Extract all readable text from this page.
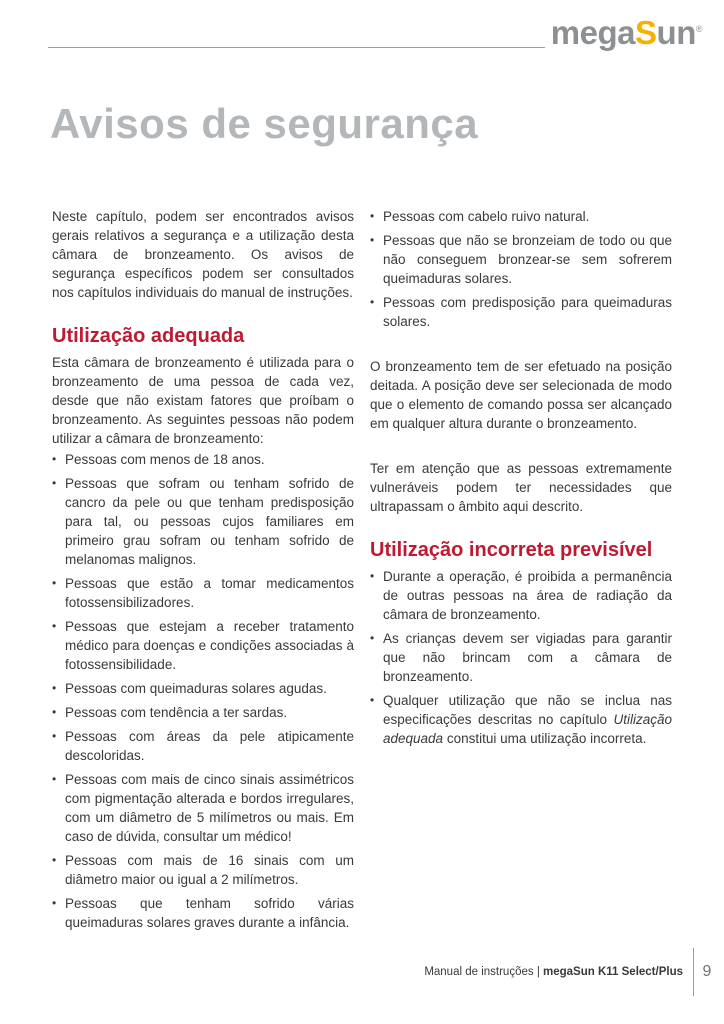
megaSun®
Avisos de segurança

Neste capítulo, podem ser encontrados avisos gerais relativos a segurança e a utilização desta câmara de bronzeamento. Os avisos de segurança específicos podem ser consultados nos capítulos individuais do manual de instruções.

Utilização adequada

Esta câmara de bronzeamento é utilizada para o bronzeamento de uma pessoa de cada vez, desde que não existam fatores que proíbam o bronzeamento. As seguintes pessoas não podem utilizar a câmara de bronzeamento:

• Pessoas com menos de 18 anos.
• Pessoas que sofram ou tenham sofrido de cancro da pele ou que tenham predisposição para tal, ou pessoas cujos familiares em primeiro grau sofram ou tenham sofrido de melanomas malignos.
• Pessoas que estão a tomar medicamentos fotossensibilizadores.
• Pessoas que estejam a receber tratamento médico para doenças e condições associadas à fotossensibilidade.
• Pessoas com queimaduras solares agudas.
• Pessoas com tendência a ter sardas.
• Pessoas com áreas da pele atipicamente descoloridas.
• Pessoas com mais de cinco sinais assimétricos com pigmentação alterada e bordos irregulares, com um diâmetro de 5 milímetros ou mais. Em caso de dúvida, consultar um médico!
• Pessoas com mais de 16 sinais com um diâmetro maior ou igual a 2 milímetros.
• Pessoas que tenham sofrido várias queimaduras solares graves durante a infância.
• Pessoas com cabelo ruivo natural.
• Pessoas que não se bronzeiam de todo ou que não conseguem bronzear-se sem sofrerem queimaduras solares.
• Pessoas com predisposição para queimaduras solares.

O bronzeamento tem de ser efetuado na posição deitada. A posição deve ser selecionada de modo que o elemento de comando possa ser alcançado em qualquer altura durante o bronzeamento.

Ter em atenção que as pessoas extremamente vulneráveis podem ter necessidades que ultrapassam o âmbito aqui descrito.

Utilização incorreta previsível
• Durante a operação, é proibida a permanência de outras pessoas na área de radiação da câmara de bronzeamento.
• As crianças devem ser vigiadas para garantir que não brincam com a câmara de bronzeamento.
• Qualquer utilização que não se inclua nas especificações descritas no capítulo Utilização adequada constitui uma utilização incorreta.
Manual de instruções | megaSun K11 Select/Plus	9
